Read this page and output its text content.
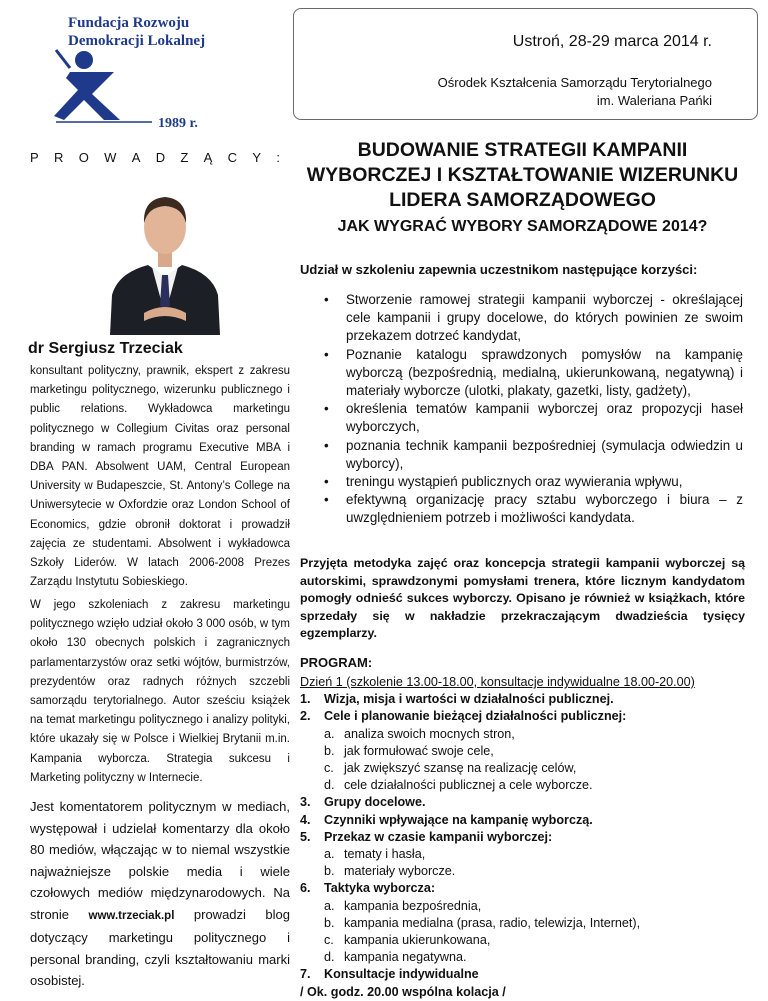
Fundacja Rozwoju Demokracji Lokalnej
1989 r.
Ustroń, 28-29 marca 2014 r.
Ośrodek Kształcenia Samorządu Terytorialnego
im. Waleriana Pańki
P R O W A D Z Ą C Y :
dr Sergiusz Trzeciak
konsultant polityczny, prawnik, ekspert z zakresu marketingu politycznego, wizerunku publicznego i public relations. Wykładowca marketingu politycznego w Collegium Civitas oraz personal branding w ramach programu Executive MBA i DBA PAN. Absolwent UAM, Central European University w Budapeszcie, St. Antony’s College na Uniwersytecie w Oxfordzie oraz London School of Economics, gdzie obronił doktorat i prowadził zajęcia ze studentami. Absolwent i wykładowca Szkoły Liderów. W latach 2006-2008 Prezes Zarządu Instytutu Sobieskiego.
W jego szkoleniach z zakresu marketingu politycznego wzięło udział około 3 000 osób, w tym około 130 obecnych polskich i zagranicznych parlamentarzystów oraz setki wójtów, burmistrzów, prezydentów oraz radnych różnych szczebli samorządu terytorialnego. Autor sześciu książek na temat marketingu politycznego i analizy polityki, które ukazały się w Polsce i Wielkiej Brytanii m.in. Kampania wyborcza. Strategia sukcesu i Marketing polityczny w Internecie.
Jest komentatorem politycznym w mediach, występował i udzielał komentarzy dla około 80 mediów, włączając w to niemal wszystkie najważniejsze polskie media i wiele czołowych mediów międzynarodowych. Na stronie www.trzeciak.pl prowadzi blog dotyczący marketingu politycznego i personal branding, czyli kształtowaniu marki osobistej.
BUDOWANIE STRATEGII KAMPANII
WYBORCZEJ I KSZTAŁTOWANIE WIZERUNKU
LIDERA SAMORZĄDOWEGO
JAK WYGRAĆ WYBORY SAMORZĄDOWE 2014?
Udział w szkoleniu zapewnia uczestnikom następujące korzyści:
• Stworzenie ramowej strategii kampanii wyborczej - określającej cele kampanii i grupy docelowe, do których powinien ze swoim przekazem dotrzeć kandydat,
• Poznanie katalogu sprawdzonych pomysłów na kampanię wyborczą (bezpośrednią, medialną, ukierunkowaną, negatywną) i materiały wyborcze (ulotki, plakaty, gazetki, listy, gadżety),
• określenia tematów kampanii wyborczej oraz propozycji haseł wyborczych,
• poznania technik kampanii bezpośredniej (symulacja odwiedzin u wyborcy),
• treningu wystąpień publicznych oraz wywierania wpływu,
• efektywną organizację pracy sztabu wyborczego i biura – z uwzględnieniem potrzeb i możliwości kandydata.
Przyjęta metodyka zajęć oraz koncepcja strategii kampanii wyborczej są autorskimi, sprawdzonymi pomysłami trenera, które licznym kandydatom pomogły odnieść sukces wyborczy. Opisano je również w książkach, które sprzedały się w nakładzie przekraczającym dwadzieścia tysięcy egzemplarzy.
PROGRAM:
Dzień 1 (szkolenie 13.00-18.00, konsultacje indywidualne 18.00-20.00)
1.	Wizja, misja i wartości w działalności publicznej.
2.	Cele i planowanie bieżącej działalności publicznej:
a. analiza swoich mocnych stron,
b. jak formułować swoje cele,
c. jak zwiększyć szansę na realizację celów,
d. cele działalności publicznej a cele wyborcze.
3.	Grupy docelowe.
4.	Czynniki wpływające na kampanię wyborczą.
5.	Przekaz w czasie kampanii wyborczej:
a. tematy i hasła,
b. materiały wyborcze.
6.	Taktyka wyborcza:
a. kampania bezpośrednia,
b. kampania medialna (prasa, radio, telewizja, Internet),
c. kampania ukierunkowana,
d. kampania negatywna.
7.	Konsultacje indywidualne
/ Ok. godz. 20.00 wspólna kolacja /
